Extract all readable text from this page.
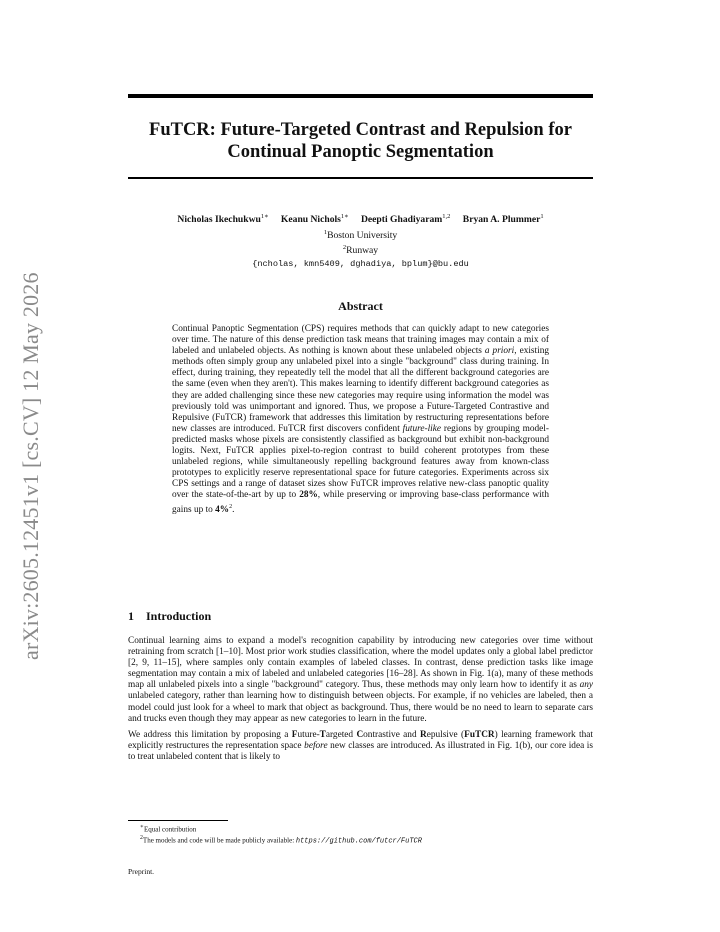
arXiv:2605.12451v1 [cs.CV] 12 May 2026
FuTCR: Future-Targeted Contrast and Repulsion for
Continual Panoptic Segmentation
Nicholas Ikechukwu$^{1∗}$ Keanu Nichols$^{1∗}$ Deepti Ghadiyaram$^{1,2}$ Bryan A. Plummer$^1$
$^1$Boston University
$^2$Runway
{ncholas, kmn5409, dghadiya, bplum}@bu.edu
Abstract
Continual Panoptic Segmentation (CPS) requires methods that can quickly adapt to new categories over time. The nature of this dense prediction task means that training images may contain a mix of labeled and unlabeled objects. As nothing is known about these unlabeled objects a priori, existing methods often simply group any unlabeled pixel into a single "background" class during training. In effect, during training, they repeatedly tell the model that all the different background categories are the same (even when they aren't). This makes learning to identify different background categories as they are added challenging since these new categories may require using information the model was previously told was unimportant and ignored. Thus, we propose a Future-Targeted Contrastive and Repulsive (FuTCR) framework that addresses this limitation by restructuring representations before new classes are introduced. FuTCR first discovers confident future-like regions by grouping model-predicted masks whose pixels are consistently classified as background but exhibit non-background logits. Next, FuTCR applies pixel-to-region contrast to build coherent prototypes from these unlabeled regions, while simultaneously repelling background features away from known-class prototypes to explicitly reserve representational space for future categories. Experiments across six CPS settings and a range of dataset sizes show FuTCR improves relative new-class panoptic quality over the state-of-the-art by up to 28%, while preserving or improving base-class performance with gains up to 4%$^2$.
1 Introduction

Continual learning aims to expand a model's recognition capability by introducing new categories over time without retraining from scratch [1–10]. Most prior work studies classification, where the model updates only a global label predictor [2, 9, 11–15], where samples only contain examples of labeled classes. In contrast, dense prediction tasks like image segmentation may contain a mix of labeled and unlabeled categories [16–28]. As shown in Fig. 1(a), many of these methods map all unlabeled pixels into a single "background" category. Thus, these methods may only learn how to identify it as any unlabeled category, rather than learning how to distinguish between objects. For example, if no vehicles are labeled, then a model could just look for a wheel to mark that object as background. Thus, there would be no need to learn to separate cars and trucks even though they may appear as new categories to learn in the future.

We address this limitation by proposing a Future-Targeted Contrastive and Repulsive (FuTCR) learning framework that explicitly restructures the representation space before new classes are introduced. As illustrated in Fig. 1(b), our core idea is to treat unlabeled content that is likely to

∗Equal contribution
$^2$The models and code will be made publicly available: https://github.com/futcr/FuTCR
Preprint.
